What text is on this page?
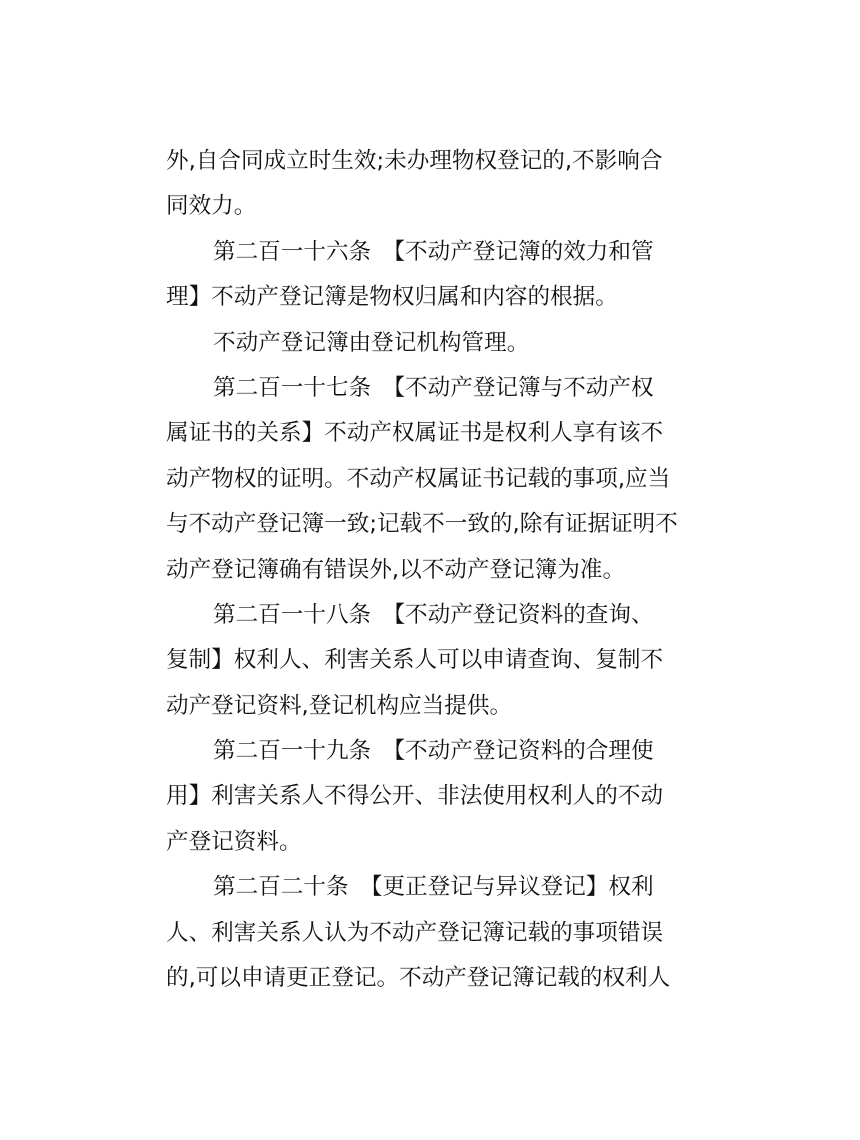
外,自合同成立时生效;未办理物权登记的,不影响合
同效力。
第二百一十六条　【不动产登记簿的效力和管
理】不动产登记簿是物权归属和内容的根据。
不动产登记簿由登记机构管理。
第二百一十七条　【不动产登记簿与不动产权
属证书的关系】不动产权属证书是权利人享有该不
动产物权的证明。不动产权属证书记载的事项,应当
与不动产登记簿一致;记载不一致的,除有证据证明不
动产登记簿确有错误外,以不动产登记簿为准。
第二百一十八条　【不动产登记资料的查询、
复制】权利人、利害关系人可以申请查询、复制不
动产登记资料,登记机构应当提供。
第二百一十九条　【不动产登记资料的合理使
用】利害关系人不得公开、非法使用权利人的不动
产登记资料。
第二百二十条　【更正登记与异议登记】权利
人、利害关系人认为不动产登记簿记载的事项错误
的,可以申请更正登记。不动产登记簿记载的权利人
